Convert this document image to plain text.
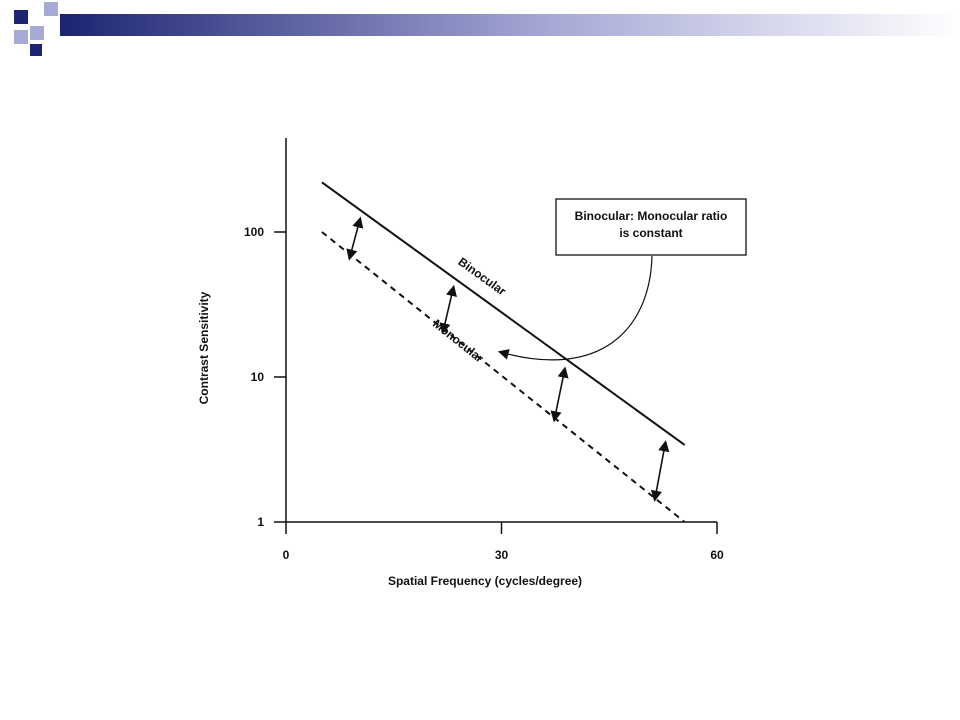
1
10
100
0	30	60
Spatial Frequency (cycles/degree)
Contrast Sensitivity
Binocular
Monocular
Binocular: Monocular ratio
is constant
